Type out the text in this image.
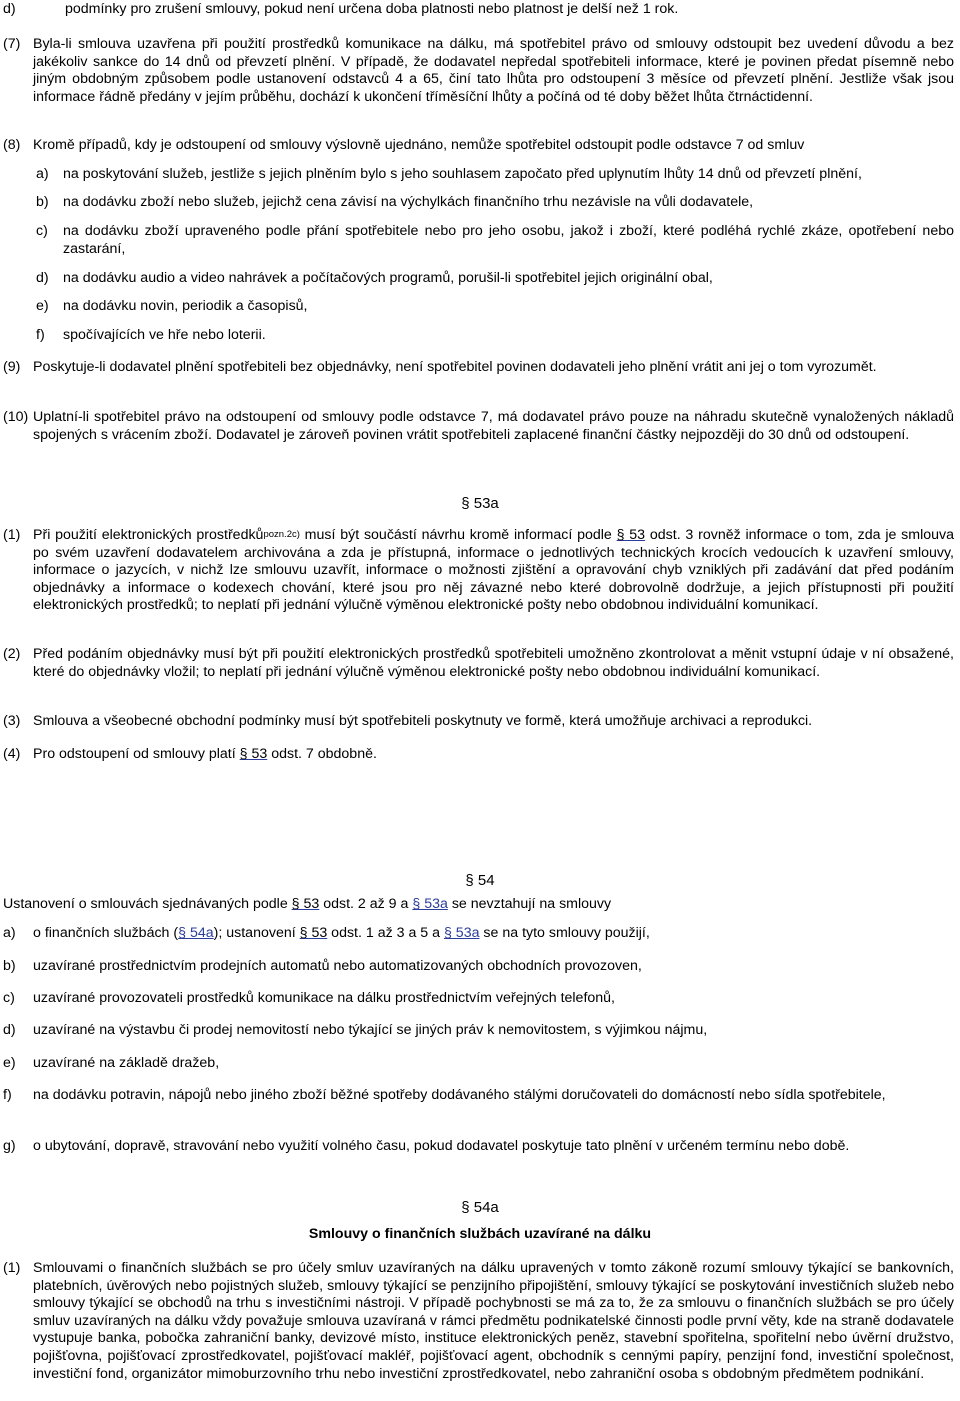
d)	podmínky pro zrušení smlouvy, pokud není určena doba platnosti nebo platnost je delší než 1 rok.
(7) Byla-li smlouva uzavřena při použití prostředků komunikace na dálku, má spotřebitel právo od smlouvy odstoupit bez uvedení důvodu a bez jakékoliv sankce do 14 dnů od převzetí plnění. V případě, že dodavatel nepředal spotřebiteli informace, které je povinen předat písemně nebo jiným obdobným způsobem podle ustanovení odstavců 4 a 65, činí tato lhůta pro odstoupení 3 měsíce od převzetí plnění. Jestliže však jsou informace řádně předány v jejím průběhu, dochází k ukončení tříměsíční lhůty a počíná od té doby běžet lhůta čtrnáctidenní.
(8) Kromě případů, kdy je odstoupení od smlouvy výslovně ujednáno, nemůže spotřebitel odstoupit podle odstavce 7 od smluv
a) na poskytování služeb, jestliže s jejich plněním bylo s jeho souhlasem započato před uplynutím lhůty 14 dnů od převzetí plnění,
b) na dodávku zboží nebo služeb, jejichž cena závisí na výchylkách finančního trhu nezávisle na vůli dodavatele,
c) na dodávku zboží upraveného podle přání spotřebitele nebo pro jeho osobu, jakož i zboží, které podléhá rychlé zkáze, opotřebení nebo zastarání,
d) na dodávku audio a video nahrávek a počítačových programů, porušil-li spotřebitel jejich originální obal,
e) na dodávku novin, periodik a časopisů,
f) spočívajících ve hře nebo loterii.
(9) Poskytuje-li dodavatel plnění spotřebiteli bez objednávky, není spotřebitel povinen dodavateli jeho plnění vrátit ani jej o tom vyrozumět.
(10) Uplatní-li spotřebitel právo na odstoupení od smlouvy podle odstavce 7, má dodavatel právo pouze na náhradu skutečně vynaložených nákladů spojených s vrácením zboží. Dodavatel je zároveň povinen vrátit spotřebiteli zaplacené finanční částky nejpozději do 30 dnů od odstoupení.
§ 53a
(1) Při použití elektronických prostředků$^{pozn.2c)}$ musí být součástí návrhu kromě informací podle § 53 odst. 3 rovněž informace o tom, zda je smlouva po svém uzavření dodavatelem archivována a zda je přístupná, informace o jednotlivých technických krocích vedoucích k uzavření smlouvy, informace o jazycích, v nichž lze smlouvu uzavřít, informace o možnosti zjištění a opravování chyb vzniklých při zadávání dat před podáním objednávky a informace o kodexech chování, které jsou pro něj závazné nebo které dobrovolně dodržuje, a jejich přístupnosti při použití elektronických prostředků; to neplatí při jednání výlučně výměnou elektronické pošty nebo obdobnou individuální komunikací.
(2) Před podáním objednávky musí být při použití elektronických prostředků spotřebiteli umožněno zkontrolovat a měnit vstupní údaje v ní obsažené, které do objednávky vložil; to neplatí při jednání výlučně výměnou elektronické pošty nebo obdobnou individuální komunikací.
(3) Smlouva a všeobecné obchodní podmínky musí být spotřebiteli poskytnuty ve formě, která umožňuje archivaci a reprodukci.
(4) Pro odstoupení od smlouvy platí § 53 odst. 7 obdobně.
§ 54
Ustanovení o smlouvách sjednávaných podle § 53 odst. 2 až 9 a § 53a se nevztahují na smlouvy
a) o finančních službách (§ 54a); ustanovení § 53 odst. 1 až 3 a 5 a § 53a se na tyto smlouvy použijí,
b) uzavírané prostřednictvím prodejních automatů nebo automatizovaných obchodních provozoven,
c) uzavírané provozovateli prostředků komunikace na dálku prostřednictvím veřejných telefonů,
d) uzavírané na výstavbu či prodej nemovitostí nebo týkající se jiných práv k nemovitostem, s výjimkou nájmu,
e) uzavírané na základě dražeb,
f) na dodávku potravin, nápojů nebo jiného zboží běžné spotřeby dodávaného stálými doručovateli do domácností nebo sídla spotřebitele,
g) o ubytování, dopravě, stravování nebo využití volného času, pokud dodavatel poskytuje tato plnění v určeném termínu nebo době.
§ 54a
Smlouvy o finančních službách uzavírané na dálku
(1) Smlouvami o finančních službách se pro účely smluv uzavíraných na dálku upravených v tomto zákoně rozumí smlouvy týkající se bankovních, platebních, úvěrových nebo pojistných služeb, smlouvy týkající se penzijního připojištění, smlouvy týkající se poskytování investičních služeb nebo smlouvy týkající se obchodů na trhu s investičními nástroji. V případě pochybnosti se má za to, že za smlouvu o finančních službách se pro účely smluv uzavíraných na dálku vždy považuje smlouva uzavíraná v rámci předmětu podnikatelské činnosti podle první věty, kde na straně dodavatele vystupuje banka, pobočka zahraniční banky, devizové místo, instituce elektronických peněz, stavební spořitelna, spořitelní nebo úvěrní družstvo, pojišťovna, pojišťovací zprostředkovatel, pojišťovací makléř, pojišťovací agent, obchodník s cennými papíry, penzijní fond, investiční společnost, investiční fond, organizátor mimoburzovního trhu nebo investiční zprostředkovatel, nebo zahraniční osoba s obdobným předmětem podnikání.
